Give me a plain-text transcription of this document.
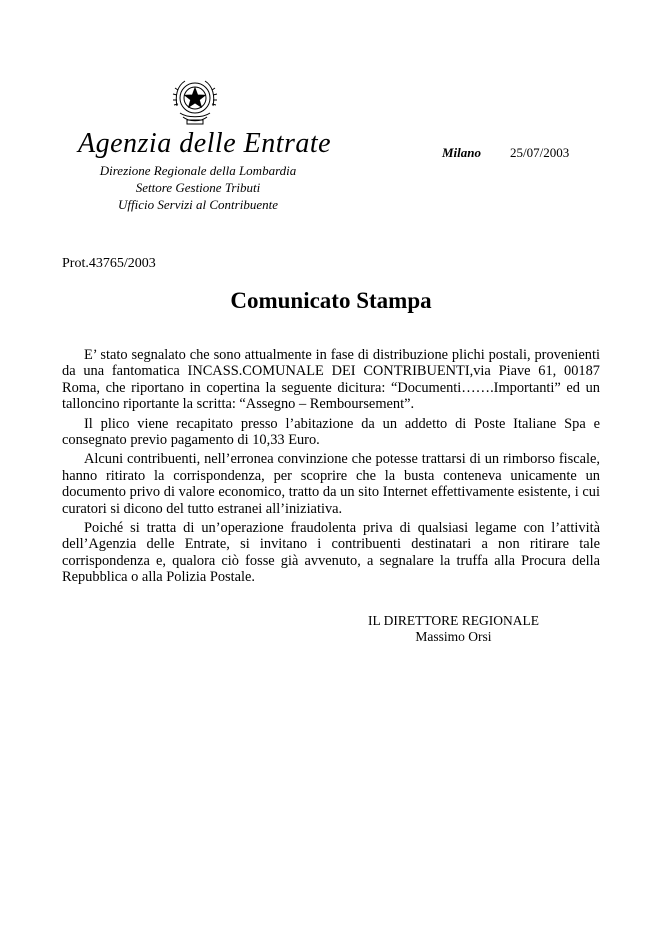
Agenzia delle Entrate
Direzione Regionale della Lombardia
Settore Gestione Tributi
Ufficio Servizi al Contribuente
Milano 25/07/2003
Prot.43765/2003
Comunicato Stampa

E’ stato segnalato che sono attualmente in fase di distribuzione plichi postali, provenienti da una fantomatica INCASS.COMUNALE DEI CONTRIBUENTI,via Piave 61, 00187 Roma, che riportano in copertina la seguente dicitura: “Documenti…….Importanti” ed un talloncino riportante la scritta: “Assegno – Remboursement”.

Il plico viene recapitato presso l’abitazione da un addetto di Poste Italiane Spa e consegnato previo pagamento di 10,33 Euro.

Alcuni contribuenti, nell’erronea convinzione che potesse trattarsi di un rimborso fiscale, hanno ritirato la corrispondenza, per scoprire che la busta conteneva unicamente un documento privo di valore economico, tratto da un sito Internet effettivamente esistente, i cui curatori si dicono del tutto estranei all’iniziativa.

Poiché si tratta di un’operazione fraudolenta priva di qualsiasi legame con l’attività dell’Agenzia delle Entrate, si invitano i contribuenti destinatari a non ritirare tale corrispondenza e, qualora ciò fosse già avvenuto, a segnalare la truffa alla Procura della Repubblica o alla Polizia Postale.

IL DIRETTORE REGIONALE
Massimo Orsi
